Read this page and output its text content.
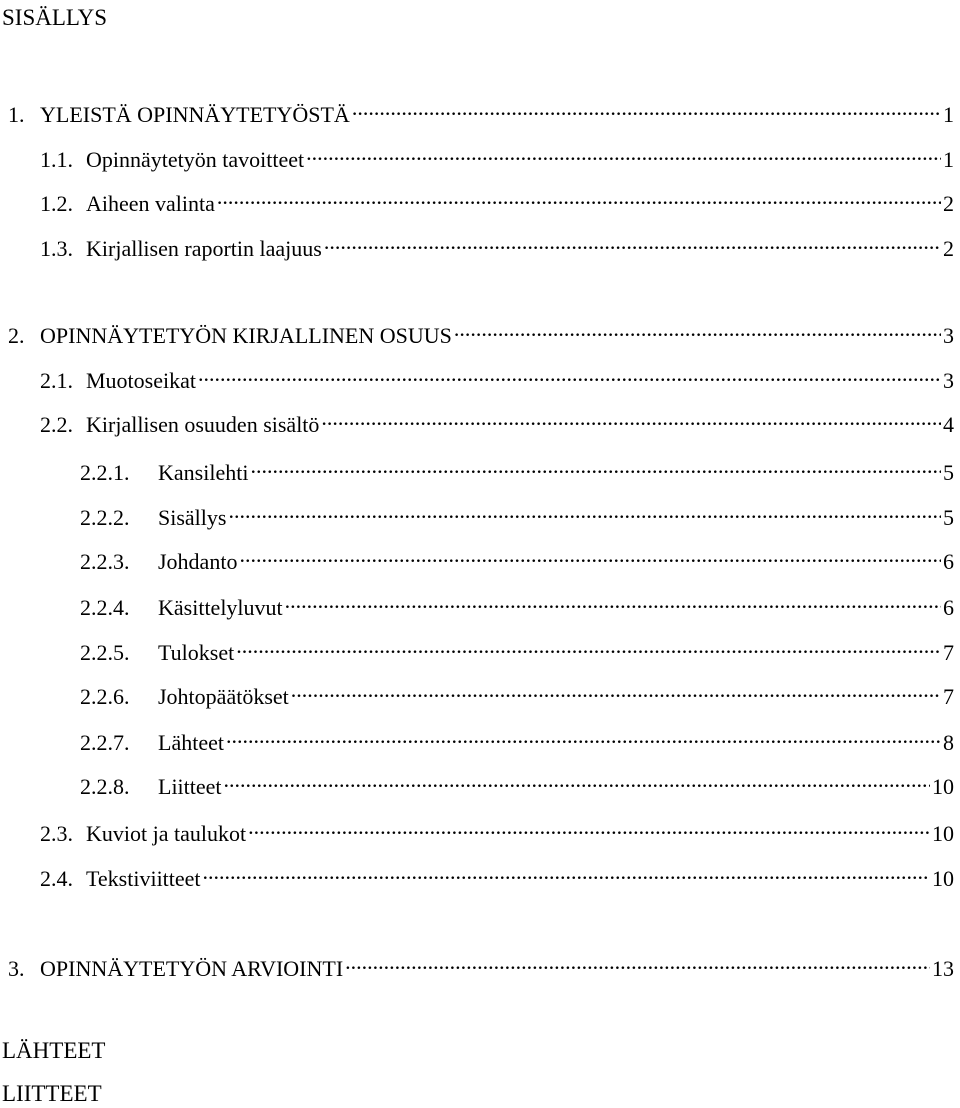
SISÄLLYS
1. YLEISTÄ OPINNÄYTETYÖSTÄ .....	1
1.1. Opinnäytetyön tavoitteet .....	1
1.2. Aiheen valinta .....	2
1.3. Kirjallisen raportin laajuus .....	2
2. OPINNÄYTETYÖN KIRJALLINEN OSUUS .....	3
2.1. Muotoseikat .....	3
2.2. Kirjallisen osuuden sisältö .....	4
2.2.1.	Kansilehti .....	5
2.2.2.	Sisällys .....	5
2.2.3.	Johdanto .....	6
2.2.4.	Käsittelyluvut .....	6
2.2.5.	Tulokset .....	7
2.2.6.	Johtopäätökset .....	7
2.2.7.	Lähteet .....	8
2.2.8.	Liitteet .....	10
2.3. Kuviot ja taulukot .....	10
2.4. Tekstiviitteet .....	10
3. OPINNÄYTETYÖN ARVIOINTI .....	13
LÄHTEET
LIITTEET
